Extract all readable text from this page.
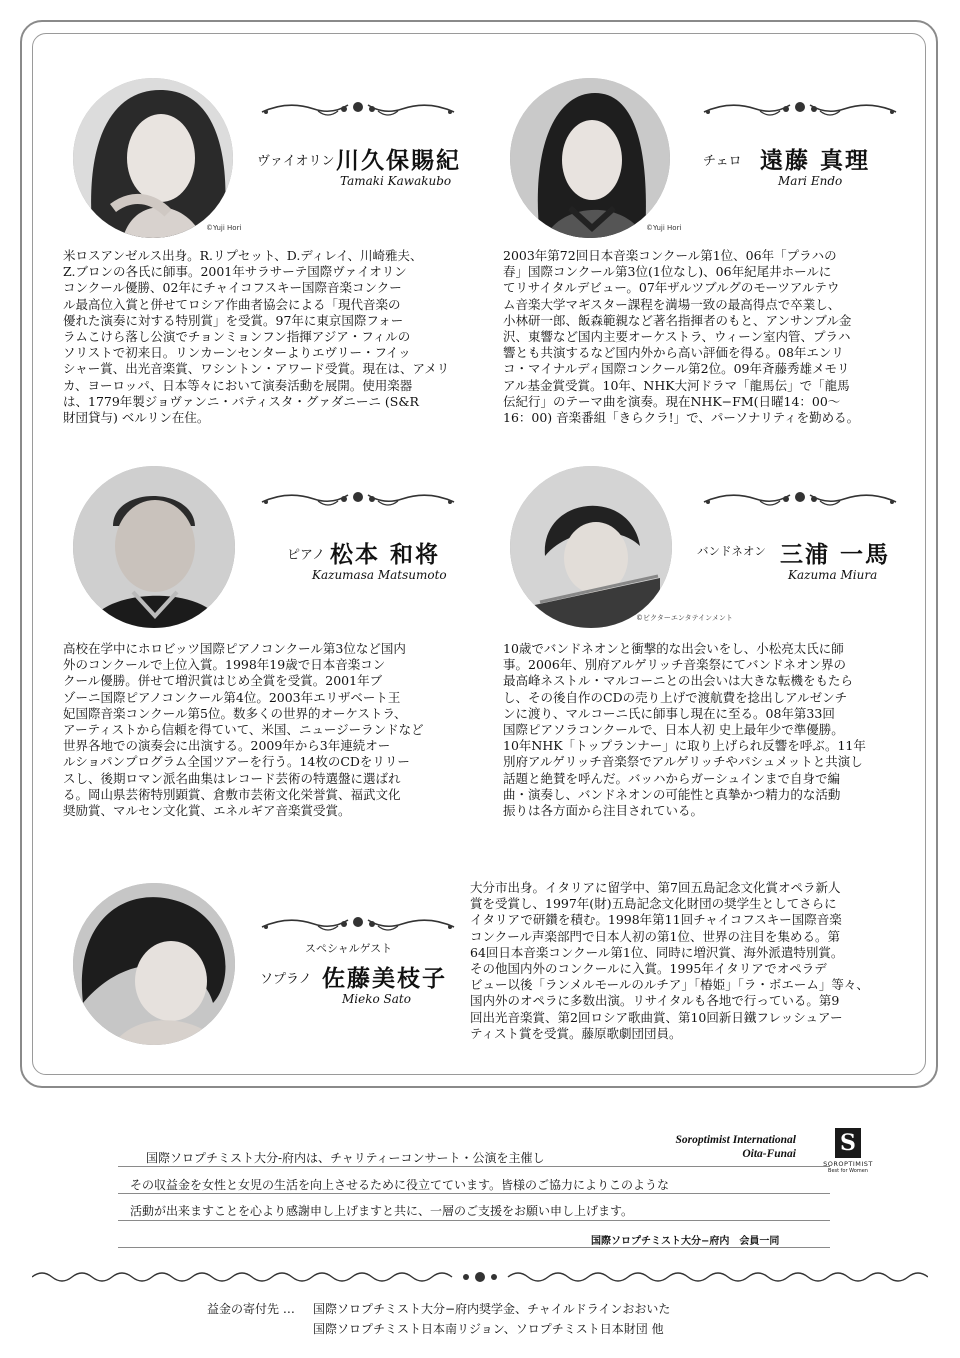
©Yuji Hori
ヴァイオリン 川久保賜紀
Tamaki Kawakubo
米ロスアンゼルス出身。R.リプセット、D.ディレイ、川崎雅夫、
Z.ブロンの各氏に師事。2001年サラサーテ国際ヴァイオリン
コンクール優勝、02年にチャイコフスキー国際音楽コンクー
ル最高位入賞と併せてロシア作曲者協会による「現代音楽の
優れた演奏に対する特別賞」を受賞。97年に東京国際フォー
ラムこけら落し公演でチョンミョンフン指揮アジア・フィルの
ソリストで初来日。リンカーンセンターよりエヴリー・フイッ
シャー賞、出光音楽賞、ワシントン・アワード受賞。現在は、アメリ
カ、ヨーロッパ、日本等々において演奏活動を展開。使用楽器
は、1779年製ジョヴァンニ・バティスタ・グァダニーニ (S&R
財団貸与) ベルリン在住。
©Yuji Hori
チェロ 遠藤 真理
Mari Endo
2003年第72回日本音楽コンクール第1位、06年「プラハの
春」国際コンクール第3位(1位なし)、06年紀尾井ホールに
てリサイタルデビュー。07年ザルツブルグのモーツアルテウ
ム音楽大学マギスター課程を満場一致の最高得点で卒業し、
小林研一郎、飯森範親など著名指揮者のもと、アンサンブル金
沢、東響など国内主要オーケストラ、ウィーン室内管、プラハ
響とも共演するなど国内外から高い評価を得る。08年エンリ
コ・マイナルディ国際コンクール第2位。09年斉藤秀雄メモリ
アル基金賞受賞。10年、NHK大河ドラマ「龍馬伝」で「龍馬
伝紀行」のテーマ曲を演奏。現在NHK−FM(日曜14：00〜
16：00) 音楽番組「きらクラ!」で、パーソナリティを勤める。
ピアノ 松本 和将
Kazumasa Matsumoto
高校在学中にホロビッツ国際ピアノコンクール第3位など国内
外のコンクールで上位入賞。1998年19歳で日本音楽コン
クール優勝。併せて増沢賞はじめ全賞を受賞。2001年ブ
ゾーニ国際ピアノコンクール第4位。2003年エリザベート王
妃国際音楽コンクール第5位。数多くの世界的オーケストラ、
アーティストから信頼を得ていて、米国、ニュージーランドなど
世界各地での演奏会に出演する。2009年から3年連続オー
ルショパンプログラム全国ツアーを行う。14枚のCDをリリー
スし、後期ロマン派名曲集はレコード芸術の特選盤に選ばれ
る。岡山県芸術特別顕賞、倉敷市芸術文化栄誉賞、福武文化
奨励賞、マルセン文化賞、エネルギア音楽賞受賞。
©ビクターエンタテインメント
バンドネオン 三浦 一馬
Kazuma Miura
10歳でバンドネオンと衝撃的な出会いをし、小松亮太氏に師
事。2006年、別府アルゲリッチ音楽祭にてバンドネオン界の
最高峰ネストル・マルコーニとの出会いは大きな転機をもたら
し、その後自作のCDの売り上げで渡航費を捻出しアルゼンチ
ンに渡り、マルコーニ氏に師事し現在に至る。08年第33回
国際ピアソラコンクールで、日本人初 史上最年少で準優勝。
10年NHK「トップランナー」に取り上げられ反響を呼ぶ。11年
別府アルゲリッチ音楽祭でアルゲリッチやパシュメットと共演し
話題と絶賛を呼んだ。バッハからガーシュインまで自身で編
曲・演奏し、バンドネオンの可能性と真摯かつ精力的な活動
振りは各方面から注目されている。
スペシャルゲスト
ソプラノ 佐藤美枝子
Mieko Sato
大分市出身。イタリアに留学中、第7回五島記念文化賞オペラ新人
賞を受賞し、1997年(財)五島記念文化財団の奨学生としてさらに
イタリアで研鑽を積む。1998年第11回チャイコフスキー国際音楽
コンクール声楽部門で日本人初の第1位、世界の注目を集める。第
64回日本音楽コンクール第1位、同時に増沢賞、海外派遣特別賞。
その他国内外のコンクールに入賞。1995年イタリアでオペラデ
ビュー以後「ランメルモールのルチア」「椿姫」「ラ・ボエーム」等々、
国内外のオペラに多数出演。リサイタルも各地で行っている。第9
回出光音楽賞、第2回ロシア歌曲賞、第10回新日鐵フレッシュアー
ティスト賞を受賞。藤原歌劇団団員。
国際ソロプチミスト大分-府内は、チャリティーコンサート・公演を主催し
その収益金を女性と女児の生活を向上させるために役立てています。皆様のご協力によりこのような
活動が出来ますことを心より感謝申し上げますと共に、一層のご支援をお願い申し上げます。
国際ソロプチミスト大分−府内　会員一同
Soroptimist International
Oita-Funai S
SOROPTIMIST
Best for Women
益金の寄付先 … 国際ソロプチミスト大分−府内奨学金、チャイルドラインおおいた
国際ソロプチミスト日本南リジョン、ソロプチミスト日本財団 他
